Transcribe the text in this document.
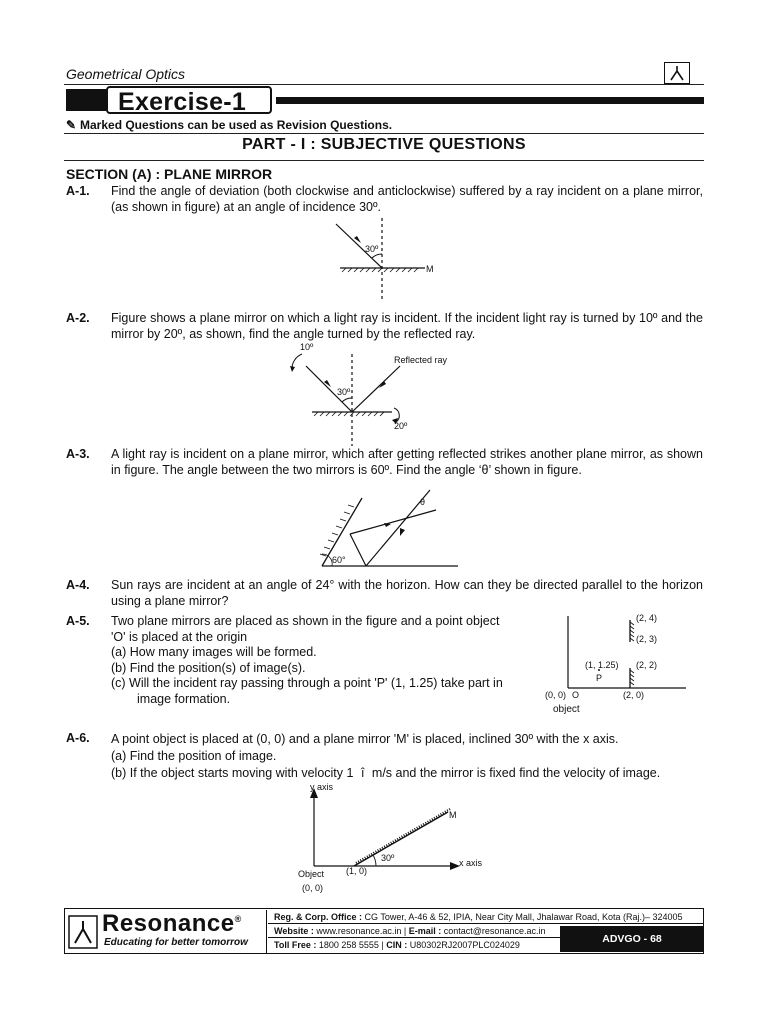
Geometrical Optics
Exercise-1
✎ Marked Questions can be used as Revision Questions.
PART - I : SUBJECTIVE QUESTIONS
SECTION (A) : PLANE MIRROR
A-1. Find the angle of deviation (both clockwise and anticlockwise) suffered by a ray incident on a plane mirror, (as shown in figure) at an angle of incidence 30º.
30º
M
A-2. Figure shows a plane mirror on which a light ray is incident. If the incident light ray is turned by 10º and the mirror by 20º, as shown, find the angle turned by the reflected ray.
10º
Reflected ray
30º
20º
A-3. A light ray is incident on a plane mirror, which after getting reflected strikes another plane mirror, as shown in figure. The angle between the two mirrors is 60º. Find the angle ‘θ’ shown in figure.
θ
60°
A-4. Sun rays are incident at an angle of 24° with the horizon. How can they be directed parallel to the horizon using a plane mirror?
A-5. Two plane mirrors are placed as shown in the figure and a point object

'O' is placed at the origin

(a) How many images will be formed.

(b) Find the position(s) of image(s).

(c) Will the incident ray passing through a point 'P' (1, 1.25) take part in

image formation.

(2, 4)
(2, 3)
(1, 1.25)
P
(2, 2)
(0, 0) O	(2, 0)
object
A-6. A point object is placed at (0, 0) and a plane mirror 'M' is placed, inclined 30º with the x axis.

(a) Find the position of image.

(b) If the object starts moving with velocity 1 î m/s and the mirror is fixed find the velocity of image.

y axis
M
30º	x axis
Object
(0, 0)
(1, 0)
Resonance®
Educating for better tomorrow
Reg. & Corp. Office : CG Tower, A-46 & 52, IPIA, Near City Mall, Jhalawar Road, Kota (Raj.)– 324005
Website : www.resonance.ac.in | E-mail : contact@resonance.ac.in
Toll Free : 1800 258 5555 | CIN : U80302RJ2007PLC024029	ADVGO - 68
